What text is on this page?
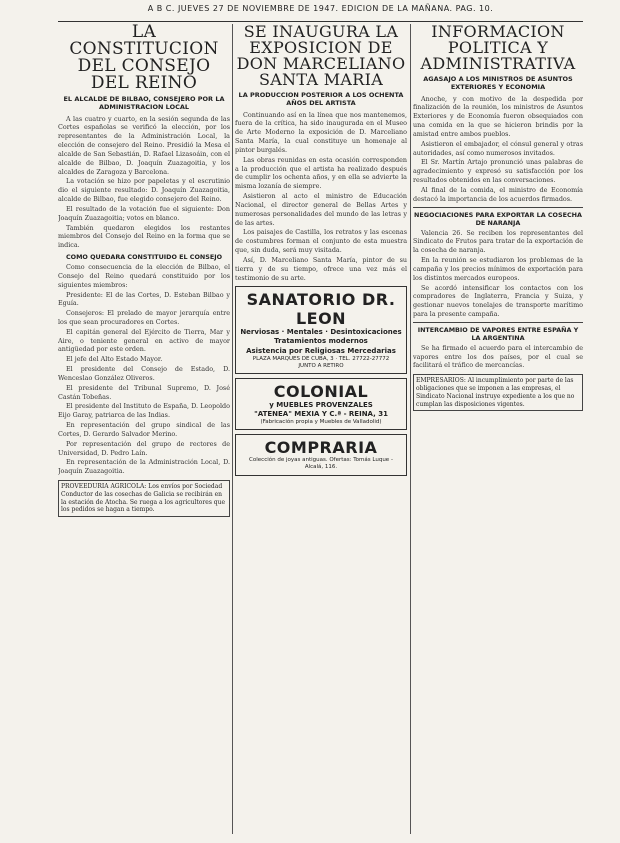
A B C. JUEVES 27 DE NOVIEMBRE DE 1947. EDICION DE LA MAÑANA. PAG. 10.
LA CONSTITUCION DEL CONSEJO DEL REINO
EL ALCALDE DE BILBAO, CONSEJERO POR LA ADMINISTRACION LOCAL

A las cuatro y cuarto, en la sesión segunda de las Cortes españolas se verificó la elección, por los representantes de la Administración Local, la elección de consejero del Reino. Presidió la Mesa el alcalde de San Sebastián, D. Rafael Lizasoáin, con el alcalde de Bilbao, D. Joaquín Zuazagoitia, y los alcaldes de Zaragoza y Barcelona.

La votación se hizo por papeletas y el escrutinio dio el siguiente resultado: D. Joaquín Zuazagoitia, alcalde de Bilbao, fue elegido consejero del Reino.

El resultado de la votación fue el siguiente: Don Joaquín Zuazagoitia; votos en blanco.

También quedaron elegidos los restantes miembros del Consejo del Reino en la forma que se indica.

COMO QUEDARA CONSTITUIDO EL CONSEJO

Como consecuencia de la elección de Bilbao, el Consejo del Reino quedará constituido por los siguientes miembros:

Presidente: El de las Cortes, D. Esteban Bilbao y Eguía.

Consejeros: El prelado de mayor jerarquía entre los que sean procuradores en Cortes.

El capitán general del Ejército de Tierra, Mar y Aire, o teniente general en activo de mayor antigüedad por este orden.

El jefe del Alto Estado Mayor.

El presidente del Consejo de Estado, D. Wenceslao González Oliveros.

El presidente del Tribunal Supremo, D. José Castán Tobeñas.

El presidente del Instituto de España, D. Leopoldo Eijo Garay, patriarca de las Indias.

En representación del grupo sindical de las Cortes, D. Gerardo Salvador Merino.

Por representación del grupo de rectores de Universidad, D. Pedro Laín.

En representación de la Administración Local, D. Joaquín Zuazagoitia.

PROVEEDURIA AGRICOLA: Los envíos por Sociedad Conductor de las cosechas de Galicia se recibirán en la estación de Atocha. Se ruega a los agricultores que los pedidos se hagan a tiempo.
SE INAUGURA LA EXPOSICION DE DON MARCELIANO SANTA MARIA
LA PRODUCCION POSTERIOR A LOS OCHENTA AÑOS DEL ARTISTA

Continuando así en la línea que nos mantenemos, fuera de la crítica, ha sido inaugurada en el Museo de Arte Moderno la exposición de D. Marceliano Santa María, la cual constituye un homenaje al pintor burgalés.

Las obras reunidas en esta ocasión corresponden a la producción que el artista ha realizado después de cumplir los ochenta años, y en ella se advierte la misma lozanía de siempre.

Asistieron al acto el ministro de Educación Nacional, el director general de Bellas Artes y numerosas personalidades del mundo de las letras y de las artes.

Los paisajes de Castilla, los retratos y las escenas de costumbres forman el conjunto de esta muestra que, sin duda, será muy visitada.

Así, D. Marceliano Santa María, pintor de su tierra y de su tiempo, ofrece una vez más el testimonio de su arte.

SANATORIO DR. LEON
Nerviosas · Mentales · Desintoxicaciones
Tratamientos modernos
Asistencia por Religiosas Mercedarias
PLAZA MARQUES DE CUBA, 3 · TEL. 27722-27772
JUNTO A RETIRO
COLONIAL
y MUEBLES PROVENZALES
"ATENEA" MEXIA Y C.ª - REINA, 31
(Fabricación propia y Muebles de Valladolid)
COMPRARIA
Colección de joyas antiguas. Ofertas: Tomás Luque - Alcalá, 116.
INFORMACION POLITICA Y ADMINISTRATIVA
AGASAJO A LOS MINISTROS DE ASUNTOS EXTERIORES Y ECONOMIA

Anoche, y con motivo de la despedida por finalización de la reunión, los ministros de Asuntos Exteriores y de Economía fueron obsequiados con una comida en la que se hicieron brindis por la amistad entre ambos pueblos.

Asistieron el embajador, el cónsul general y otras autoridades, así como numerosos invitados.

El Sr. Martín Artajo pronunció unas palabras de agradecimiento y expresó su satisfacción por los resultados obtenidos en las conversaciones.

Al final de la comida, el ministro de Economía destacó la importancia de los acuerdos firmados.

NEGOCIACIONES PARA EXPORTAR LA COSECHA DE NARANJA

Valencia 26. Se reciben los representantes del Sindicato de Frutos para tratar de la exportación de la cosecha de naranja.

En la reunión se estudiaron los problemas de la campaña y los precios mínimos de exportación para los distintos mercados europeos.

Se acordó intensificar los contactos con los compradores de Inglaterra, Francia y Suiza, y gestionar nuevos tonelajes de transporte marítimo para la presente campaña.

INTERCAMBIO DE VAPORES ENTRE ESPAÑA Y LA ARGENTINA

Se ha firmado el acuerdo para el intercambio de vapores entre los dos países, por el cual se facilitará el tráfico de mercancías.

EMPRESARIOS: Al incumplimiento por parte de las obligaciones que se imponen a las empresas, el Sindicato Nacional instruye expediente a los que no cumplan las disposiciones vigentes.
